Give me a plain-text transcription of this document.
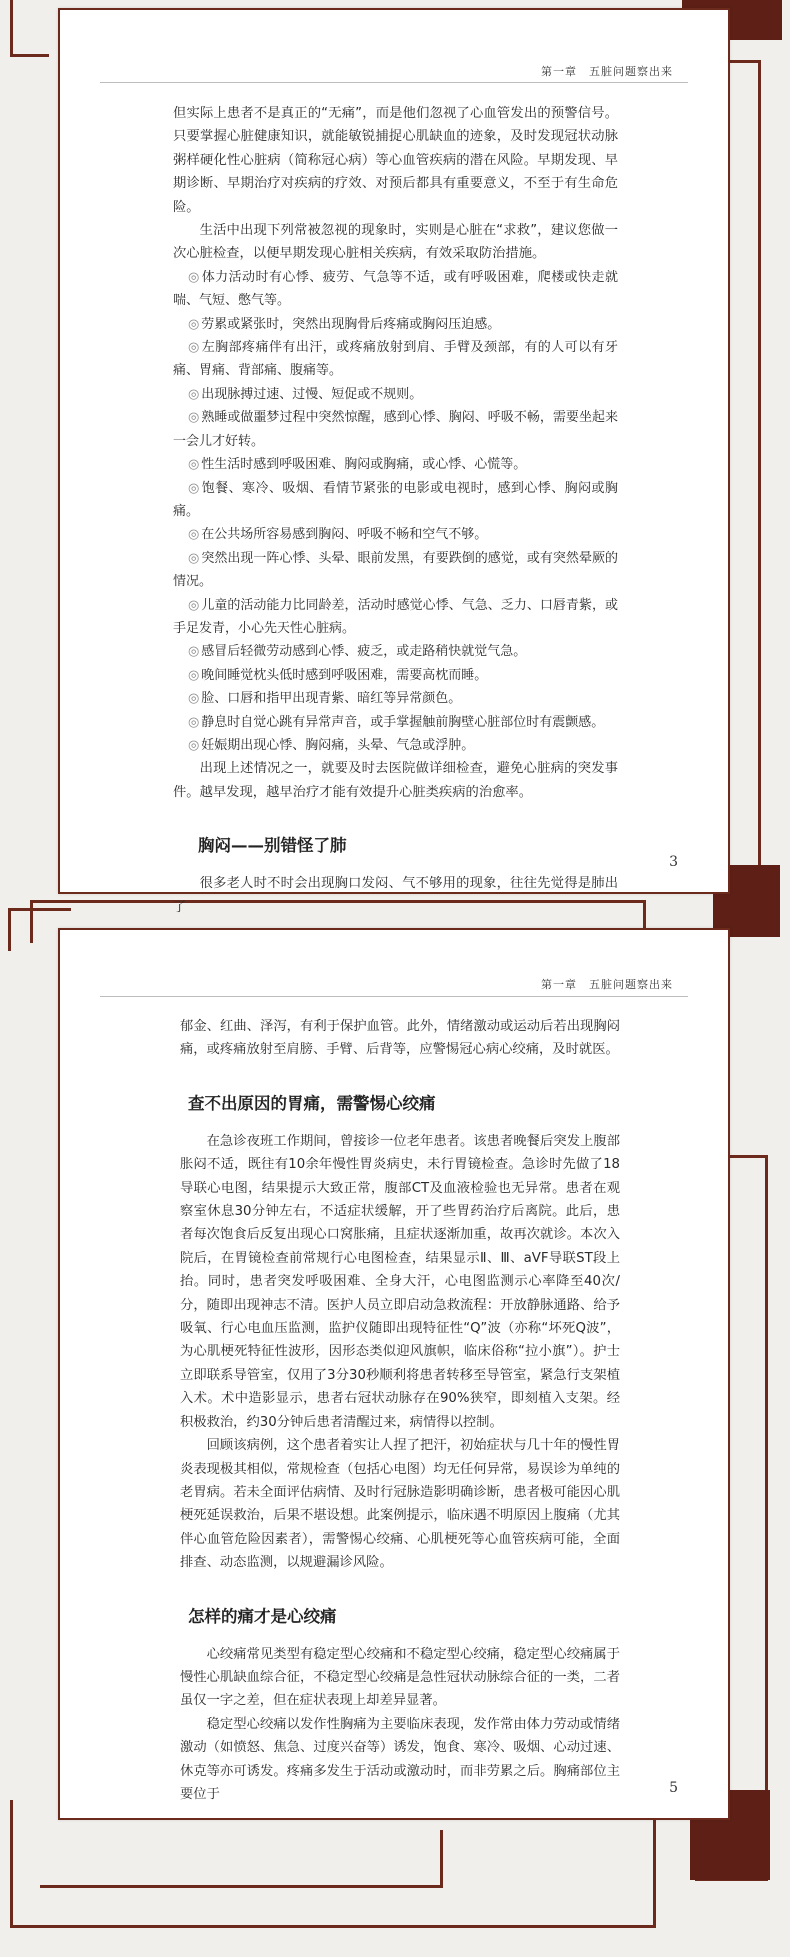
第一章　五脏问题察出来

但实际上患者不是真正的“无痛”，而是他们忽视了心血管发出的预警信号。只要掌握心脏健康知识，就能敏锐捕捉心肌缺血的迹象，及时发现冠状动脉粥样硬化性心脏病（简称冠心病）等心血管疾病的潜在风险。早期发现、早期诊断、早期治疗对疾病的疗效、对预后都具有重要意义，不至于有生命危险。

生活中出现下列常被忽视的现象时，实则是心脏在“求救”，建议您做一次心脏检查，以便早期发现心脏相关疾病，有效采取防治措施。

◎ 体力活动时有心悸、疲劳、气急等不适，或有呼吸困难，爬楼或快走就喘、气短、憋气等。
◎ 劳累或紧张时，突然出现胸骨后疼痛或胸闷压迫感。
◎ 左胸部疼痛伴有出汗，或疼痛放射到肩、手臂及颈部，有的人可以有牙痛、胃痛、背部痛、腹痛等。
◎ 出现脉搏过速、过慢、短促或不规则。
◎ 熟睡或做噩梦过程中突然惊醒，感到心悸、胸闷、呼吸不畅，需要坐起来一会儿才好转。
◎ 性生活时感到呼吸困难、胸闷或胸痛，或心悸、心慌等。
◎ 饱餐、寒冷、吸烟、看情节紧张的电影或电视时，感到心悸、胸闷或胸痛。
◎ 在公共场所容易感到胸闷、呼吸不畅和空气不够。
◎ 突然出现一阵心悸、头晕、眼前发黑，有要跌倒的感觉，或有突然晕厥的情况。
◎ 儿童的活动能力比同龄差，活动时感觉心悸、气急、乏力、口唇青紫，或手足发青，小心先天性心脏病。
◎ 感冒后轻微劳动感到心悸、疲乏，或走路稍快就觉气急。
◎ 晚间睡觉枕头低时感到呼吸困难，需要高枕而睡。
◎ 脸、口唇和指甲出现青紫、暗红等异常颜色。
◎ 静息时自觉心跳有异常声音，或手掌握触前胸壁心脏部位时有震颤感。
◎ 妊娠期出现心悸、胸闷痛，头晕、气急或浮肿。

出现上述情况之一，就要及时去医院做详细检查，避免心脏病的突发事件。越早发现，越早治疗才能有效提升心脏类疾病的治愈率。

胸闷——别错怪了肺

很多老人时不时会出现胸口发闷、气不够用的现象，往往先觉得是肺出了

3
第一章　五脏问题察出来

郁金、红曲、泽泻，有利于保护血管。此外，情绪激动或运动后若出现胸闷痛，或疼痛放射至肩膀、手臂、后背等，应警惕冠心病心绞痛，及时就医。

查不出原因的胃痛，需警惕心绞痛

在急诊夜班工作期间，曾接诊一位老年患者。该患者晚餐后突发上腹部胀闷不适，既往有10余年慢性胃炎病史，未行胃镜检查。急诊时先做了18导联心电图，结果提示大致正常，腹部CT及血液检验也无异常。患者在观察室休息30分钟左右，不适症状缓解，开了些胃药治疗后离院。此后，患者每次饱食后反复出现心口窝胀痛，且症状逐渐加重，故再次就诊。本次入院后，在胃镜检查前常规行心电图检查，结果显示Ⅱ、Ⅲ、aVF导联ST段上抬。同时，患者突发呼吸困难、全身大汗，心电图监测示心率降至40次/分，随即出现神志不清。医护人员立即启动急救流程：开放静脉通路、给予吸氧、行心电血压监测，监护仪随即出现特征性“Q”波（亦称“坏死Q波”，为心肌梗死特征性波形，因形态类似迎风旗帜，临床俗称“拉小旗”）。护士立即联系导管室，仅用了3分30秒顺利将患者转移至导管室，紧急行支架植入术。术中造影显示，患者右冠状动脉存在90%狭窄，即刻植入支架。经积极救治，约30分钟后患者清醒过来，病情得以控制。

回顾该病例，这个患者着实让人捏了把汗，初始症状与几十年的慢性胃炎表现极其相似，常规检查（包括心电图）均无任何异常，易误诊为单纯的老胃病。若未全面评估病情、及时行冠脉造影明确诊断，患者极可能因心肌梗死延误救治，后果不堪设想。此案例提示，临床遇不明原因上腹痛（尤其伴心血管危险因素者），需警惕心绞痛、心肌梗死等心血管疾病可能，全面排查、动态监测，以规避漏诊风险。

怎样的痛才是心绞痛

心绞痛常见类型有稳定型心绞痛和不稳定型心绞痛，稳定型心绞痛属于慢性心肌缺血综合征，不稳定型心绞痛是急性冠状动脉综合征的一类，二者虽仅一字之差，但在症状表现上却差异显著。

稳定型心绞痛以发作性胸痛为主要临床表现，发作常由体力劳动或情绪激动（如愤怒、焦急、过度兴奋等）诱发，饱食、寒冷、吸烟、心动过速、休克等亦可诱发。疼痛多发生于活动或激动时，而非劳累之后。胸痛部位主要位于	5
